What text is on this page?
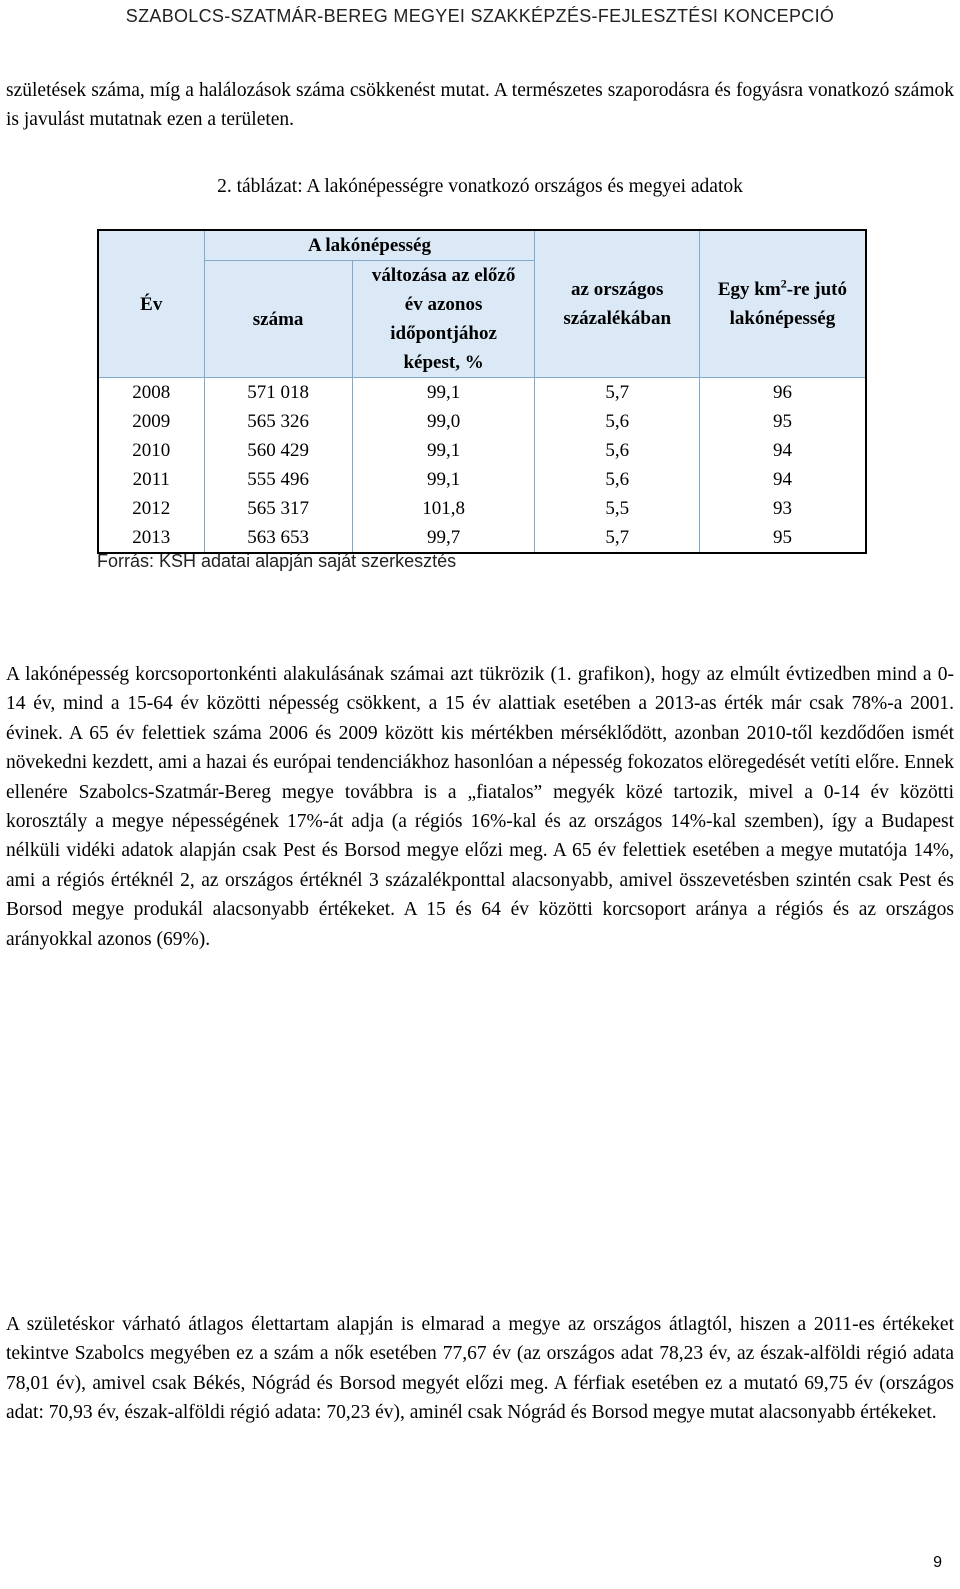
SZABOLCS-SZATMÁR-BEREG MEGYEI SZAKKÉPZÉS-FEJLESZTÉSI KONCEPCIÓ

születések száma, míg a halálozások száma csökkenést mutat. A természetes szaporodásra és fogyásra vonatkozó számok is javulást mutatnak ezen a területen.

2. táblázat: A lakónépességre vonatkozó országos és megyei adatok
Év	A lakónépesség		az országos százalékában	Egy $km^2-re$ jutó lakónépesség
	száma	változása az előző év azonos időpontjához képest, %		
2008	571 018	99,1	5,7	96
2009	565 326	99,0	5,6	95
2010	560 429	99,1	5,6	94
2011	555 496	99,1	5,6	94
2012	565 317	101,8	5,5	93
2013	563 653	99,7	5,7	95
Forrás: KSH adatai alapján saját szerkesztés

A lakónépesség korcsoportonkénti alakulásának számai azt tükrözik (1. grafikon), hogy az elmúlt évtizedben mind a 0-14 év, mind a 15-64 év közötti népesség csökkent, a 15 év alattiak esetében a 2013-as érték már csak 78%-a 2001. évinek. A 65 év felettiek száma 2006 és 2009 között kis mértékben mérséklődött, azonban 2010-től kezdődően ismét növekedni kezdett, ami a hazai és európai tendenciákhoz hasonlóan a népesség fokozatos elöregedését vetíti előre. Ennek ellenére Szabolcs-Szatmár-Bereg megye továbbra is a „fiatalos” megyék közé tartozik, mivel a 0-14 év közötti korosztály a megye népességének 17%-át adja (a régiós 16%-kal és az országos 14%-kal szemben), így a Budapest nélküli vidéki adatok alapján csak Pest és Borsod megye előzi meg. A 65 év felettiek esetében a megye mutatója 14%, ami a régiós értéknél 2, az országos értéknél 3 százalékponttal alacsonyabb, amivel összevetésben szintén csak Pest és Borsod megye produkál alacsonyabb értékeket. A 15 és 64 év közötti korcsoport aránya a régiós és az országos arányokkal azonos (69%).

A születéskor várható átlagos élettartam alapján is elmarad a megye az országos átlagtól, hiszen a 2011-es értékeket tekintve Szabolcs megyében ez a szám a nők esetében 77,67 év (az országos adat 78,23 év, az észak-alföldi régió adata 78,01 év), amivel csak Békés, Nógrád és Borsod megyét előzi meg. A férfiak esetében ez a mutató 69,75 év (országos adat: 70,93 év, észak-alföldi régió adata: 70,23 év), aminél csak Nógrád és Borsod megye mutat alacsonyabb értékeket.

9
